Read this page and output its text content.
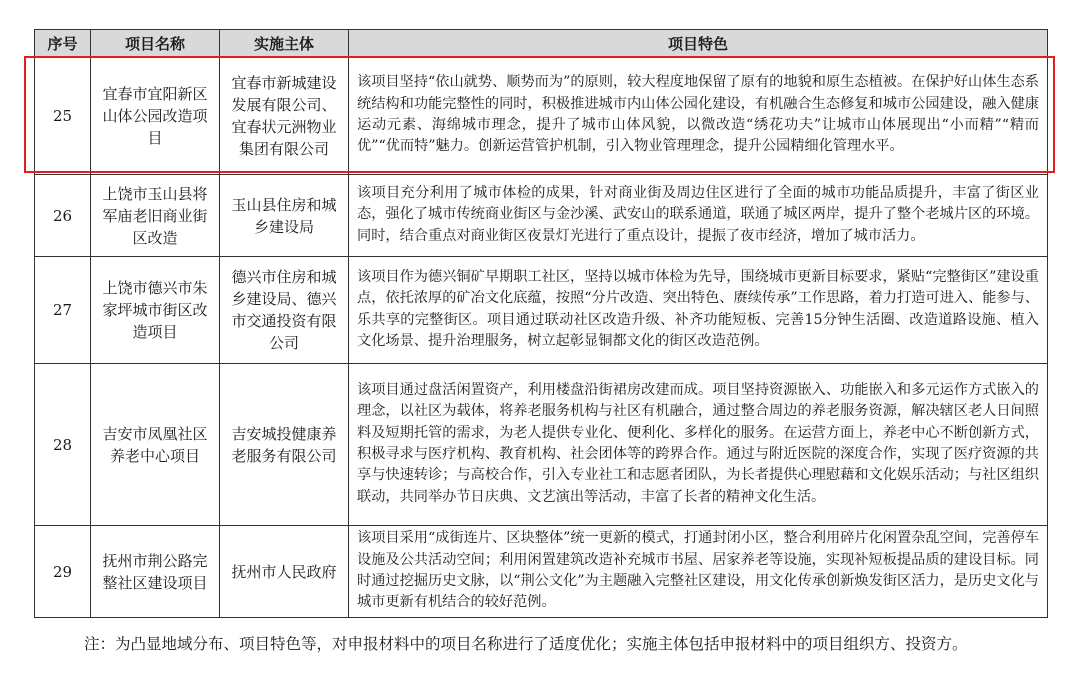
序号	项目名称	实施主体	项目特色
25	宜春市宜阳新区山体公园改造项目	宜春市新城建设发展有限公司、宜春状元洲物业集团有限公司	该项目坚持“依山就势、顺势而为”的原则，较大程度地保留了原有的地貌和原生态植被。在保护好山体生态系统结构和功能完整性的同时，积极推进城市内山体公园化建设，有机融合生态修复和城市公园建设，融入健康运动元素、海绵城市理念，提升了城市山体风貌，以微改造“绣花功夫”让城市山体展现出“小而精”“精而优”“优而特”魅力。创新运营管护机制，引入物业管理理念，提升公园精细化管理水平。
26	上饶市玉山县将军庙老旧商业街区改造	玉山县住房和城乡建设局	该项目充分利用了城市体检的成果，针对商业街及周边住区进行了全面的城市功能品质提升，丰富了街区业态，强化了城市传统商业街区与金沙溪、武安山的联系通道，联通了城区两岸，提升了整个老城片区的环境。同时，结合重点对商业街区夜景灯光进行了重点设计，提振了夜市经济，增加了城市活力。
27	上饶市德兴市朱家坪城市街区改造项目	德兴市住房和城乡建设局、德兴市交通投资有限公司	该项目作为德兴铜矿早期职工社区，坚持以城市体检为先导，围绕城市更新目标要求，紧贴“完整街区”建设重点，依托浓厚的矿冶文化底蕴，按照“分片改造、突出特色、赓续传承”工作思路，着力打造可进入、能参与、乐共享的完整街区。项目通过联动社区改造升级、补齐功能短板、完善15分钟生活圈、改造道路设施、植入文化场景、提升治理服务，树立起彰显铜都文化的街区改造范例。
28	吉安市凤凰社区养老中心项目	吉安城投健康养老服务有限公司	该项目通过盘活闲置资产，利用楼盘沿街裙房改建而成。项目坚持资源嵌入、功能嵌入和多元运作方式嵌入的理念，以社区为载体，将养老服务机构与社区有机融合，通过整合周边的养老服务资源，解决辖区老人日间照料及短期托管的需求，为老人提供专业化、便利化、多样化的服务。在运营方面上，养老中心不断创新方式，积极寻求与医疗机构、教育机构、社会团体等的跨界合作。通过与附近医院的深度合作，实现了医疗资源的共享与快速转诊；与高校合作，引入专业社工和志愿者团队，为长者提供心理慰藉和文化娱乐活动；与社区组织联动，共同举办节日庆典、文艺演出等活动，丰富了长者的精神文化生活。
29	抚州市荆公路完整社区建设项目	抚州市人民政府	该项目采用“成街连片、区块整体”统一更新的模式，打通封闭小区，整合利用碎片化闲置杂乱空间，完善停车设施及公共活动空间；利用闲置建筑改造补充城市书屋、居家养老等设施，实现补短板提品质的建设目标。同时通过挖掘历史文脉，以“荆公文化”为主题融入完整社区建设，用文化传承创新焕发街区活力，是历史文化与城市更新有机结合的较好范例。

注：为凸显地域分布、项目特色等，对申报材料中的项目名称进行了适度优化；实施主体包括申报材料中的项目组织方、投资方。
